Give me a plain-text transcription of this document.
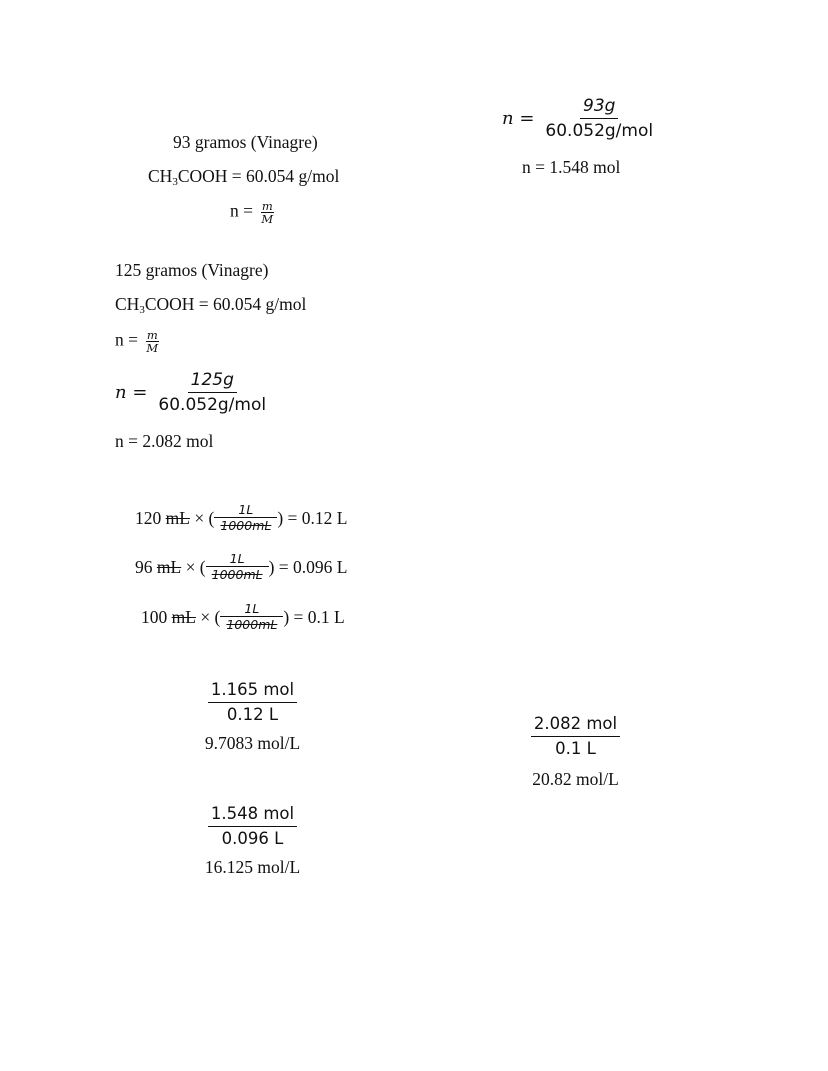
93 gramos (Vinagre)
$CH_3COOH = 60.054$ g/mol
$n = \frac{m}{M}$
$n = \frac{93g}{\text{60.052g/mol}}$
n = 1.548 mol
125 gramos (Vinagre)
$CH_3COOH = 60.054$ g/mol
$n = \frac{m}{M}$
$n = \frac{125g}{\text{60.052g/mol}}$
n = 2.082 mol
120
mL
× ( $\frac{1L}{1000mL}$ ) = 0.12 L
96
mL
× ( $\frac{1L}{1000mL}$ ) = 0.096 L
100
mL
× ( $\frac{1L}{1000mL}$ ) = 0.1 L
$\frac{\text{1.165 mol}}{0.12 L}$
9.7083 mol/L
$\frac{\text{1.548 mol}}{0.096 L}$
16.125 mol/L
$\frac{\text{2.082 mol}}{0.1 L}$
20.82 mol/L
